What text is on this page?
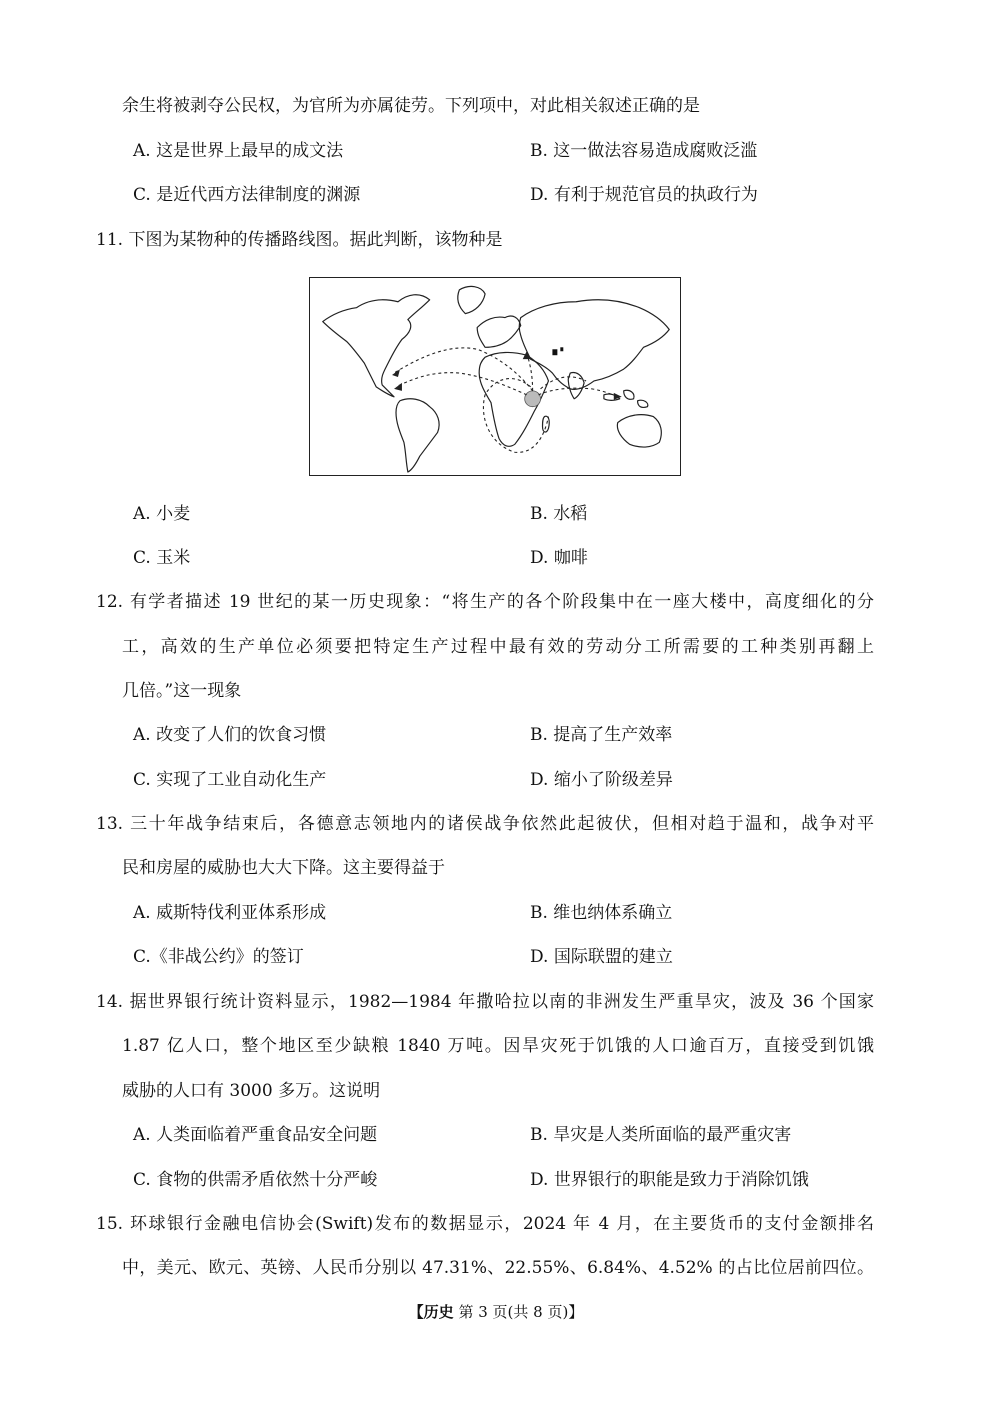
余生将被剥夺公民权，为官所为亦属徒劳。下列项中，对此相关叙述正确的是
A. 这是世界上最早的成文法	B. 这一做法容易造成腐败泛滥
C. 是近代西方法律制度的渊源	D. 有利于规范官员的执政行为
11. 下图为某物种的传播路线图。据此判断，该物种是
A. 小麦	B. 水稻
C. 玉米	D. 咖啡
12. 有学者描述 19 世纪的某一历史现象：“将生产的各个阶段集中在一座大楼中，高度细化的分
工，高效的生产单位必须要把特定生产过程中最有效的劳动分工所需要的工种类别再翻上
几倍。”这一现象
A. 改变了人们的饮食习惯	B. 提高了生产效率
C. 实现了工业自动化生产	D. 缩小了阶级差异
13. 三十年战争结束后，各德意志领地内的诸侯战争依然此起彼伏，但相对趋于温和，战争对平
民和房屋的威胁也大大下降。这主要得益于
A. 威斯特伐利亚体系形成	B. 维也纳体系确立
C.《非战公约》的签订	D. 国际联盟的建立
14. 据世界银行统计资料显示，1982—1984 年撒哈拉以南的非洲发生严重旱灾，波及 36 个国家
1.87 亿人口，整个地区至少缺粮 1840 万吨。因旱灾死于饥饿的人口逾百万，直接受到饥饿
威胁的人口有 3000 多万。这说明
A. 人类面临着严重食品安全问题	B. 旱灾是人类所面临的最严重灾害
C. 食物的供需矛盾依然十分严峻	D. 世界银行的职能是致力于消除饥饿
15. 环球银行金融电信协会(Swift)发布的数据显示，2024 年 4 月，在主要货币的支付金额排名
中，美元、欧元、英镑、人民币分别以 47.31%、22.55%、6.84%、4.52% 的占比位居前四位。
【历史 第 3 页(共 8 页)】
